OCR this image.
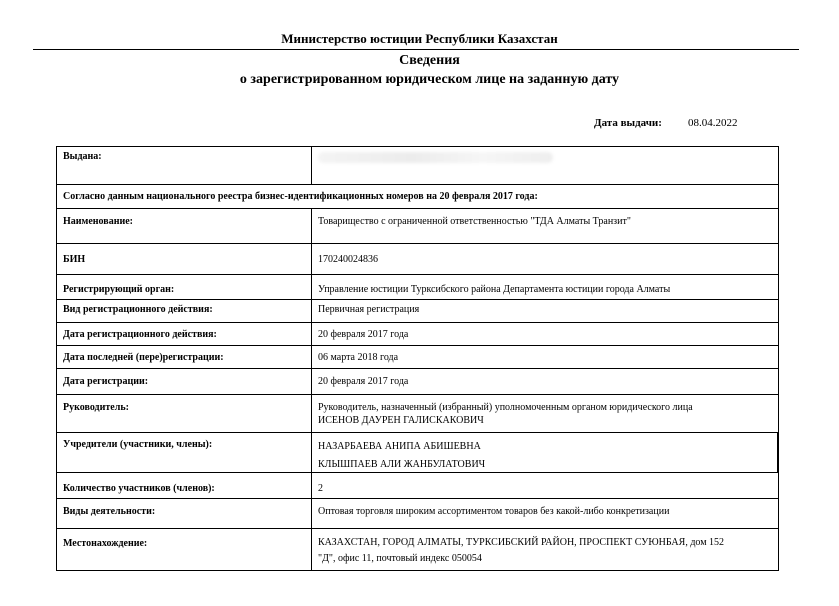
Министерство юстиции Республики Казахстан
Сведения
о зарегистрированном юридическом лице на заданную дату
Дата выдачи: 08.04.2022
Выдана:	
Согласно данным национального реестра бизнес-идентификационных номеров на 20 февраля 2017 года:	
Наименование:	Товарищество с ограниченной ответственностью "ТДА Алматы Транзит"
БИН	170240024836
Регистрирующий орган:	Управление юстиции Турксибского района Департамента юстиции города Алматы
Вид регистрационного действия:	Первичная регистрация
Дата регистрационного действия:	20 февраля 2017 года
Дата последней (пере)регистрации:	06 марта 2018 года
Дата регистрации:	20 февраля 2017 года
Руководитель:	Руководитель, назначенный (избранный) уполномоченным органом юридического лица
ИСЕНОВ ДАУРЕН ГАЛИСКАКОВИЧ

Учредители (участники, члены):	НАЗАРБАЕВА АНИПА АБИШЕВНА
КЛЫШПАЕВ АЛИ ЖАНБУЛАТОВИЧ

Количество участников (членов):	2
Виды деятельности:	Оптовая торговля широким ассортиментом товаров без какой-либо конкретизации
Местонахождение:	КАЗАХСТАН, ГОРОД АЛМАТЫ, ТУРКСИБСКИЙ РАЙОН, ПРОСПЕКТ СУЮНБАЯ, дом 152
"Д", офис 11, почтовый индекс 050054
